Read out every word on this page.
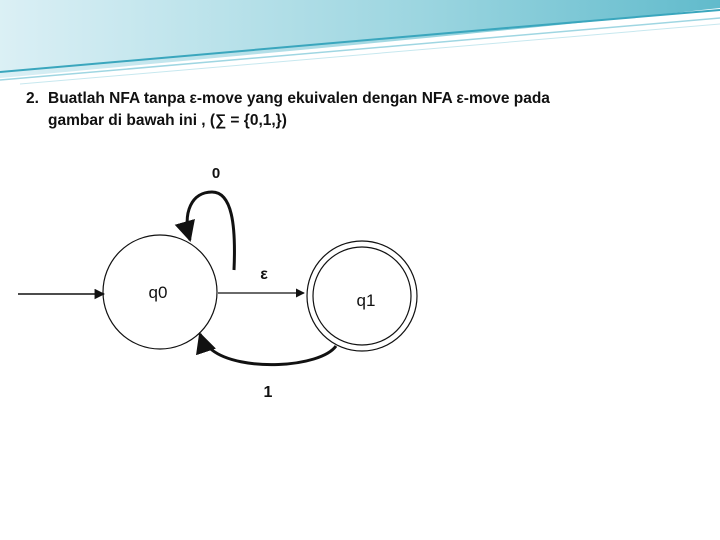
2. Buatlah NFA tanpa ε-move yang ekuivalen dengan NFA ε-move pada
gambar di bawah ini , (∑ = {0,1,})
q0	q1
0
ε
1
